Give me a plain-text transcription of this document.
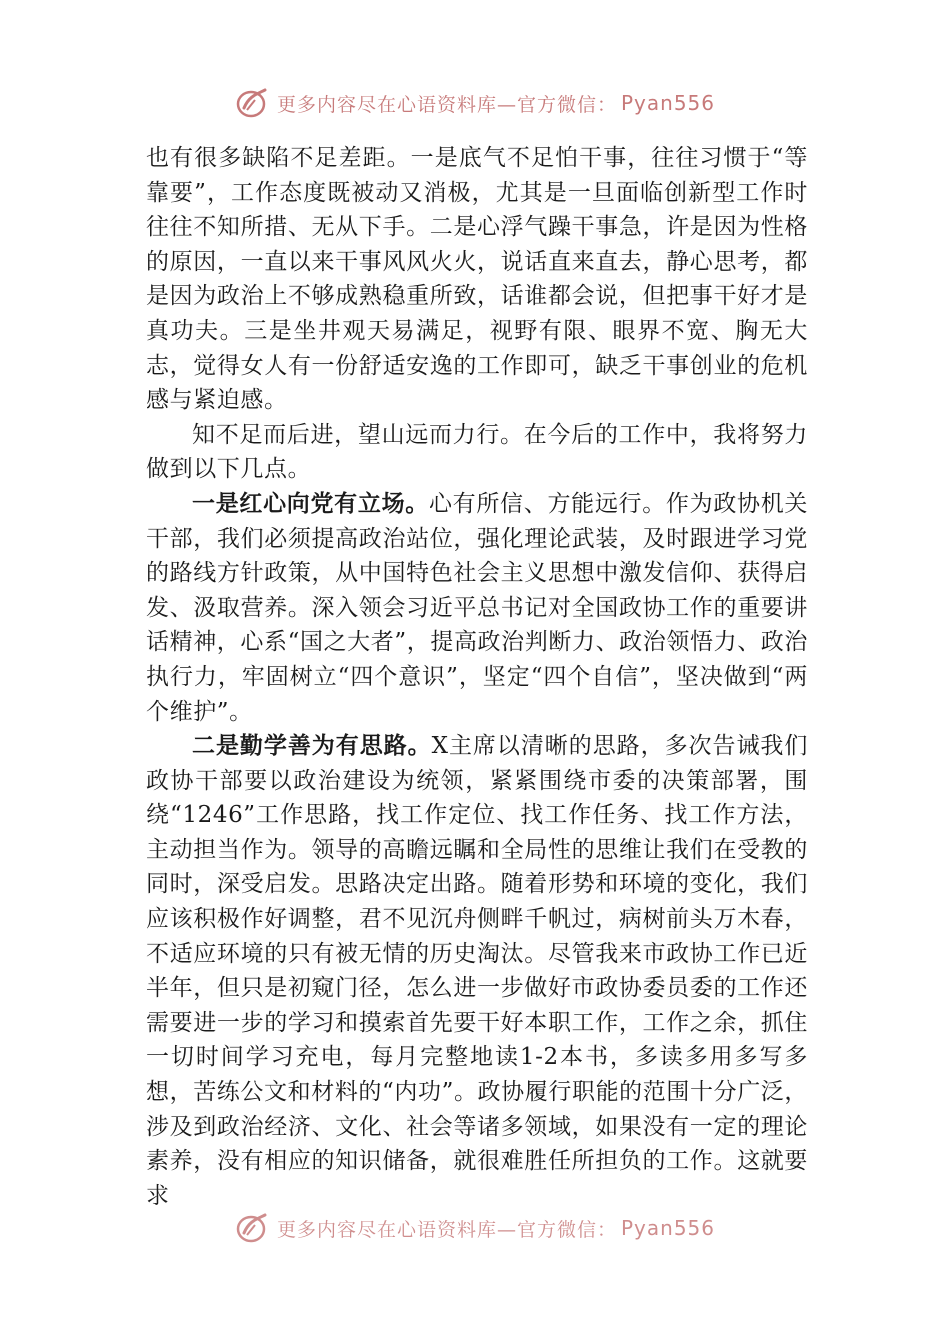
更多内容尽在心语资料库—官方微信： Pyan556

也有很多缺陷不足差距。一是底气不足怕干事，往往习惯于“等靠要”，工作态度既被动又消极，尤其是一旦面临创新型工作时往往不知所措、无从下手。二是心浮气躁干事急，许是因为性格的原因，一直以来干事风风火火，说话直来直去，静心思考，都是因为政治上不够成熟稳重所致，话谁都会说，但把事干好才是真功夫。三是坐井观天易满足，视野有限、眼界不宽、胸无大志，觉得女人有一份舒适安逸的工作即可，缺乏干事创业的危机感与紧迫感。

知不足而后进，望山远而力行。在今后的工作中，我将努力做到以下几点。

一是红心向党有立场。心有所信、方能远行。作为政协机关干部，我们必须提高政治站位，强化理论武装，及时跟进学习党的路线方针政策，从中国特色社会主义思想中激发信仰、获得启发、汲取营养。深入领会习近平总书记对全国政协工作的重要讲话精神，心系“国之大者”，提高政治判断力、政治领悟力、政治执行力，牢固树立“四个意识”，坚定“四个自信”，坚决做到“两个维护”。

二是勤学善为有思路。X主席以清晰的思路，多次告诫我们政协干部要以政治建设为统领，紧紧围绕市委的决策部署，围绕“1246”工作思路，找工作定位、找工作任务、找工作方法，主动担当作为。领导的高瞻远瞩和全局性的思维让我们在受教的同时，深受启发。思路决定出路。随着形势和环境的变化，我们应该积极作好调整，君不见沉舟侧畔千帆过，病树前头万木春，不适应环境的只有被无情的历史淘汰。尽管我来市政协工作已近半年，但只是初窥门径，怎么进一步做好市政协委员委的工作还需要进一步的学习和摸索首先要干好本职工作，工作之余，抓住一切时间学习充电，每月完整地读1-2本书，多读多用多写多想，苦练公文和材料的“内功”。政协履行职能的范围十分广泛，涉及到政治经济、文化、社会等诸多领域，如果没有一定的理论素养，没有相应的知识储备，就很难胜任所担负的工作。这就要求

更多内容尽在心语资料库—官方微信： Pyan556
